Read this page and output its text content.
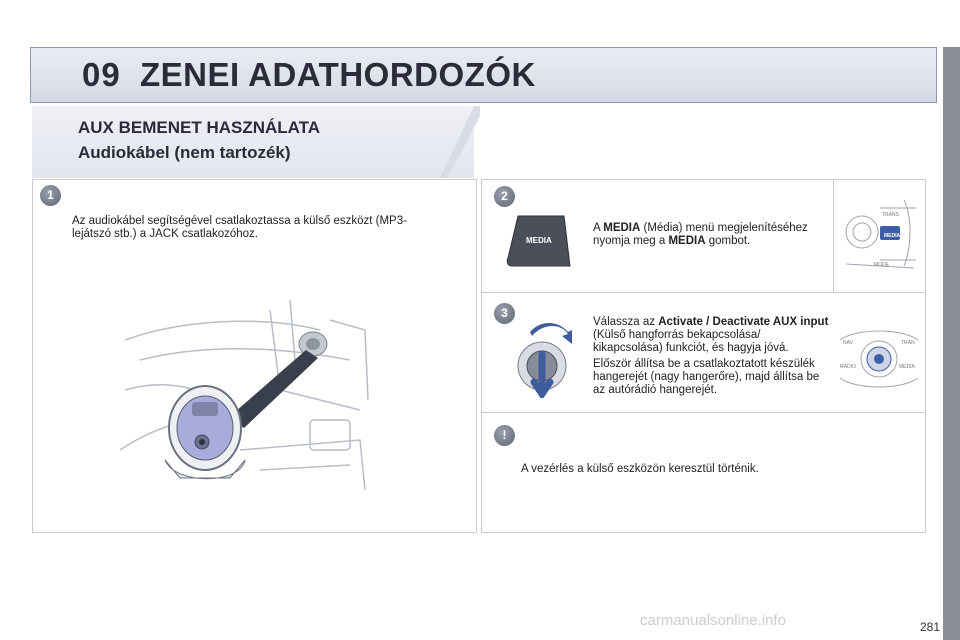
09 ZENEI ADATHORDOZÓK
AUX BEMENET HASZNÁLATA
Audiokábel (nem tartozék)
1
Az audiokábel segítségével csatlakoztassa a külső eszközt (MP3-lejátszó stb.) a JACK csatlakozóhoz.
2
MEDIA
A MEDIA (Média) menü megjelenítéséhez nyomja meg a MEDIA gombot.
TRANS
MEDIA
MODE
3
Válassza az Activate / Deactivate AUX input (Külső hangforrás bekapcsolása/ kikapcsolása) funkciót, és hagyja jóvá.
Először állítsa be a csatlakoztatott készülék hangerejét (nagy hangerőre), majd állítsa be az autórádió hangerejét.
NAV
RADIO
TRAN
MEDIA
!
A vezérlés a külső eszközön keresztül történik.
281
carmanualsonline.info
